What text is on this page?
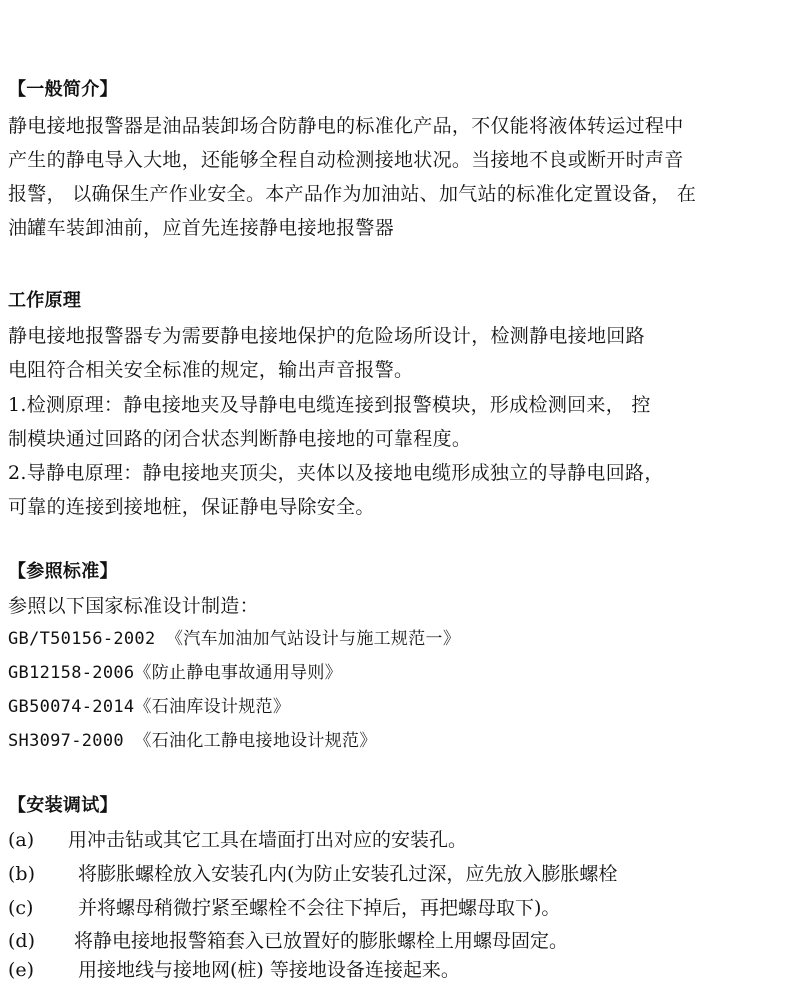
【一般简介】
静电接地报警器是油品装卸场合防静电的标准化产品，不仅能将液体转运过程中
产生的静电导入大地，还能够全程自动检测接地状况。当接地不良或断开时声音
报警， 以确保生产作业安全。本产品作为加油站、加气站的标准化定置设备， 在
油罐车装卸油前，应首先连接静电接地报警器
工作原理
静电接地报警器专为需要静电接地保护的危险场所设计，检测静电接地回路
电阻符合相关安全标准的规定，输出声音报警。
1.检测原理：静电接地夹及导静电电缆连接到报警模块，形成检测回来， 控
制模块通过回路的闭合状态判断静电接地的可靠程度。
2.导静电原理：静电接地夹顶尖，夹体以及接地电缆形成独立的导静电回路，
可靠的连接到接地桩，保证静电导除安全。
【参照标准】
参照以下国家标准设计制造：
GB/T50156-2002 《汽车加油加气站设计与施工规范一》
GB12158-2006《防止静电事故通用导则》
GB50074-2014《石油库设计规范》
SH3097-2000 《石油化工静电接地设计规范》
【安装调试】
(a) 用冲击钻或其它工具在墙面打出对应的安装孔。
(b) 将膨胀螺栓放入安装孔内(为防止安装孔过深，应先放入膨胀螺栓
(c) 并将螺母稍微拧紧至螺栓不会往下掉后，再把螺母取下)。
(d) 将静电接地报警箱套入已放置好的膨胀螺栓上用螺母固定。
(e) 用接地线与接地网(桩) 等接地设备连接起来。
